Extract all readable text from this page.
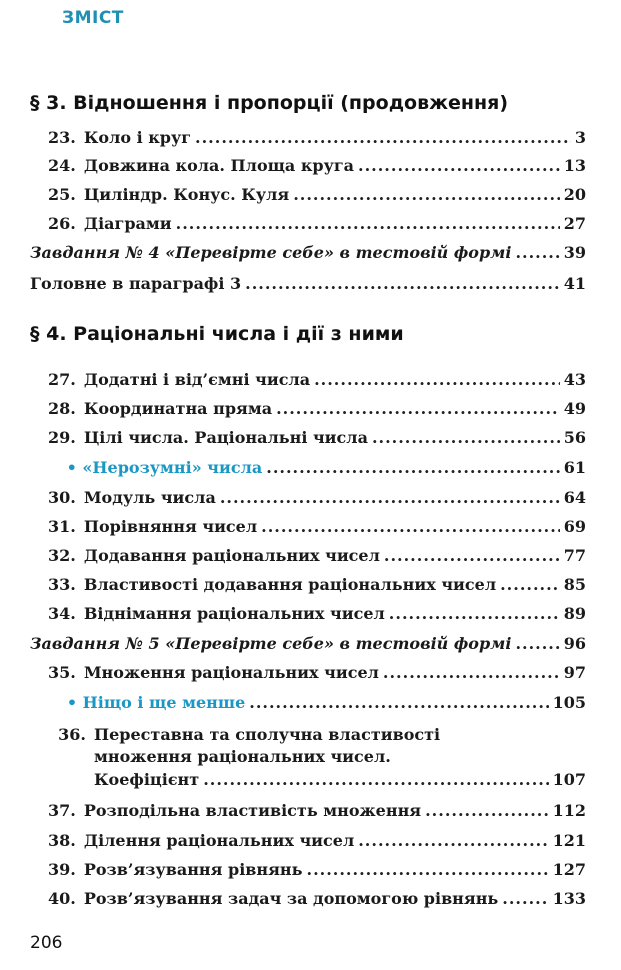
ЗМІСТ
§ 3. Відношення і пропорції (продовження)
23. Коло і круг .....	3
24. Довжина кола. Площа круга .....	13
25. Циліндр. Конус. Куля .....	20
26. Діаграми .....	27
Завдання № 4 «Перевірте себе» в тестовій формі .....	39
Головне в параграфі 3 .....	41
§ 4. Раціональні числа і дії з ними
27. Додатні і від’ємні числа .....	43
28. Координатна пряма .....	49
29. Цілі числа. Раціональні числа .....	56
• «Нерозумні» числа .....	61
30. Модуль числа .....	64
31. Порівняння чисел .....	69
32. Додавання раціональних чисел .....	77
33. Властивості додавання раціональних чисел .....	85
34. Віднімання раціональних чисел .....	89
Завдання № 5 «Перевірте себе» в тестовій формі .....	96
35. Множення раціональних чисел .....	97
• Ніщо і ще менше .....	105
36. Переставна та сполучна властивості
множення раціональних чисел.
Коефіцієнт .....	107
37. Розподільна властивість множення .....	112
38. Ділення раціональних чисел .....	121
39. Розв’язування рівнянь .....	127
40. Розв’язування задач за допомогою рівнянь .....	133
206
